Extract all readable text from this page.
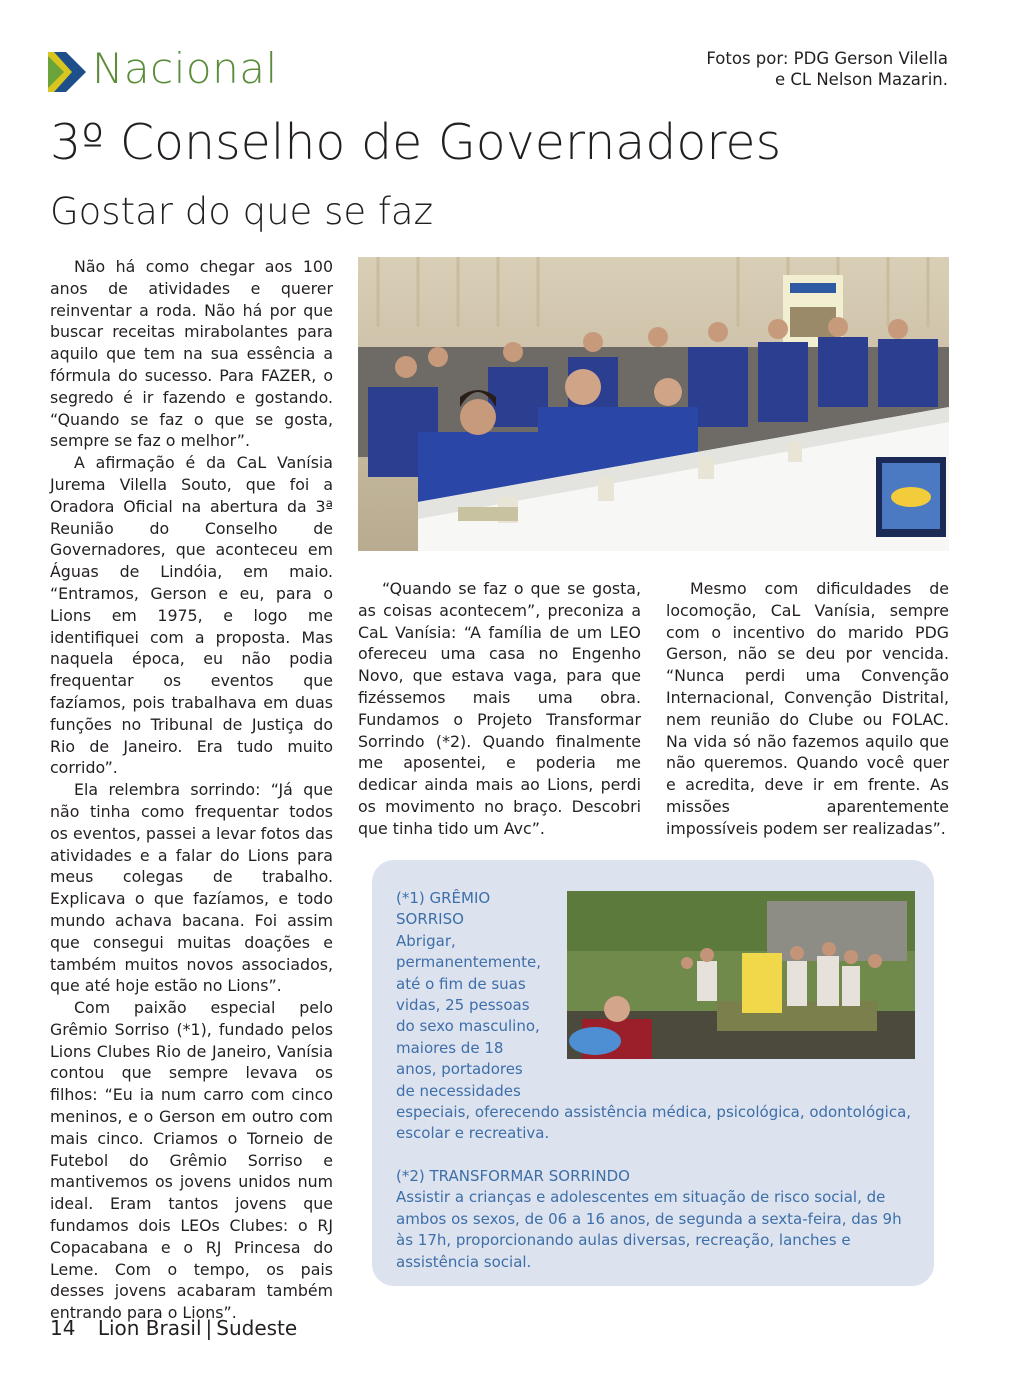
Nacional	Fotos por: PDG Gerson Vilella
e CL Nelson Mazarin.
3º Conselho de Governadores
Gostar do que se faz

Não há como chegar aos 100 anos de atividades e querer reinventar a roda. Não há por que buscar receitas mirabolantes para aquilo que tem na sua essência a fórmula do sucesso. Para FAZER, o segredo é ir fazendo e gostando. “Quando se faz o que se gosta, sempre se faz o melhor”.

A afirmação é da CaL Vanísia Jurema Vilella Souto, que foi a Oradora Oficial na abertura da 3ª Reunião do Conselho de Governadores, que aconteceu em Águas de Lindóia, em maio. “Entramos, Gerson e eu, para o Lions em 1975, e logo me identifiquei com a proposta. Mas naquela época, eu não podia frequentar os eventos que fazíamos, pois trabalhava em duas funções no Tribunal de Justiça do Rio de Janeiro. Era tudo muito corrido”.

Ela relembra sorrindo: “Já que não tinha como frequentar todos os eventos, passei a levar fotos das atividades e a falar do Lions para meus colegas de trabalho. Explicava o que fazíamos, e todo mundo achava bacana. Foi assim que consegui muitas doações e também muitos novos associados, que até hoje estão no Lions”.

Com paixão especial pelo Grêmio Sorriso (*1), fundado pelos Lions Clubes Rio de Janeiro, Vanísia contou que sempre levava os filhos: “Eu ia num carro com cinco meninos, e o Gerson em outro com mais cinco. Criamos o Torneio de Futebol do Grêmio Sorriso e mantivemos os jovens unidos num ideal. Eram tantos jovens que fundamos dois LEOs Clubes: o RJ Copacabana e o RJ Princesa do Leme. Com o tempo, os pais desses jovens acabaram também entrando para o Lions”.

“Quando se faz o que se gosta, as coisas acontecem”, preconiza a CaL Vanísia: “A família de um LEO ofereceu uma casa no Engenho Novo, que estava vaga, para que fizéssemos mais uma obra. Fundamos o Projeto Transformar Sorrindo (*2). Quando finalmente me aposentei, e poderia me dedicar ainda mais ao Lions, perdi os movimento no braço. Descobri que tinha tido um Avc”.

Mesmo com dificuldades de locomoção, CaL Vanísia, sempre com o incentivo do marido PDG Gerson, não se deu por vencida. “Nunca perdi uma Convenção Internacional, Convenção Distrital, nem reunião do Clube ou FOLAC. Na vida só não fazemos aquilo que não queremos. Quando você quer e acredita, deve ir em frente. As missões aparentemente impossíveis podem ser realizadas”.

(*1) GRÊMIO
SORRISO
Abrigar,
permanentemente,
até o fim de suas
vidas, 25 pessoas
do sexo masculino,
maiores de 18
anos, portadores
de necessidades
especiais, oferecendo assistência médica, psicológica, odontológica, escolar e recreativa.
(*2) TRANSFORMAR SORRINDO
Assistir a crianças e adolescentes em situação de risco social, de ambos os sexos, de 06 a 16 anos, de segunda a sexta-feira, das 9h às 17h, proporcionando aulas diversas, recreação, lanches e assistência social.
14 Lion Brasil | Sudeste
